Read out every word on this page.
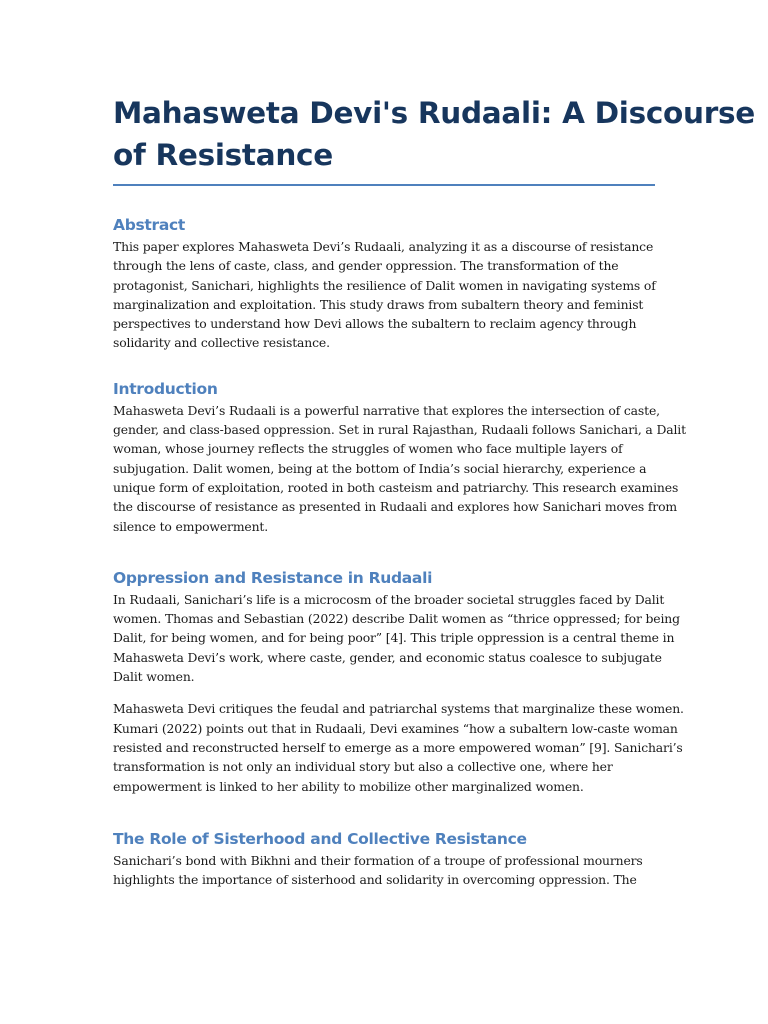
Mahasweta Devi's Rudaali: A Discourse
of Resistance
Abstract
This paper explores Mahasweta Devi’s Rudaali, analyzing it as a discourse of resistance
through the lens of caste, class, and gender oppression. The transformation of the
protagonist, Sanichari, highlights the resilience of Dalit women in navigating systems of
marginalization and exploitation. This study draws from subaltern theory and feminist
perspectives to understand how Devi allows the subaltern to reclaim agency through
solidarity and collective resistance.
Introduction
Mahasweta Devi’s Rudaali is a powerful narrative that explores the intersection of caste,
gender, and class-based oppression. Set in rural Rajasthan, Rudaali follows Sanichari, a Dalit
woman, whose journey reflects the struggles of women who face multiple layers of
subjugation. Dalit women, being at the bottom of India’s social hierarchy, experience a
unique form of exploitation, rooted in both casteism and patriarchy. This research examines
the discourse of resistance as presented in Rudaali and explores how Sanichari moves from
silence to empowerment.
Oppression and Resistance in Rudaali
In Rudaali, Sanichari’s life is a microcosm of the broader societal struggles faced by Dalit
women. Thomas and Sebastian (2022) describe Dalit women as “thrice oppressed; for being
Dalit, for being women, and for being poor” [4]. This triple oppression is a central theme in
Mahasweta Devi’s work, where caste, gender, and economic status coalesce to subjugate
Dalit women.
Mahasweta Devi critiques the feudal and patriarchal systems that marginalize these women.
Kumari (2022) points out that in Rudaali, Devi examines “how a subaltern low-caste woman
resisted and reconstructed herself to emerge as a more empowered woman” [9]. Sanichari’s
transformation is not only an individual story but also a collective one, where her
empowerment is linked to her ability to mobilize other marginalized women.
The Role of Sisterhood and Collective Resistance
Sanichari’s bond with Bikhni and their formation of a troupe of professional mourners
highlights the importance of sisterhood and solidarity in overcoming oppression. The
